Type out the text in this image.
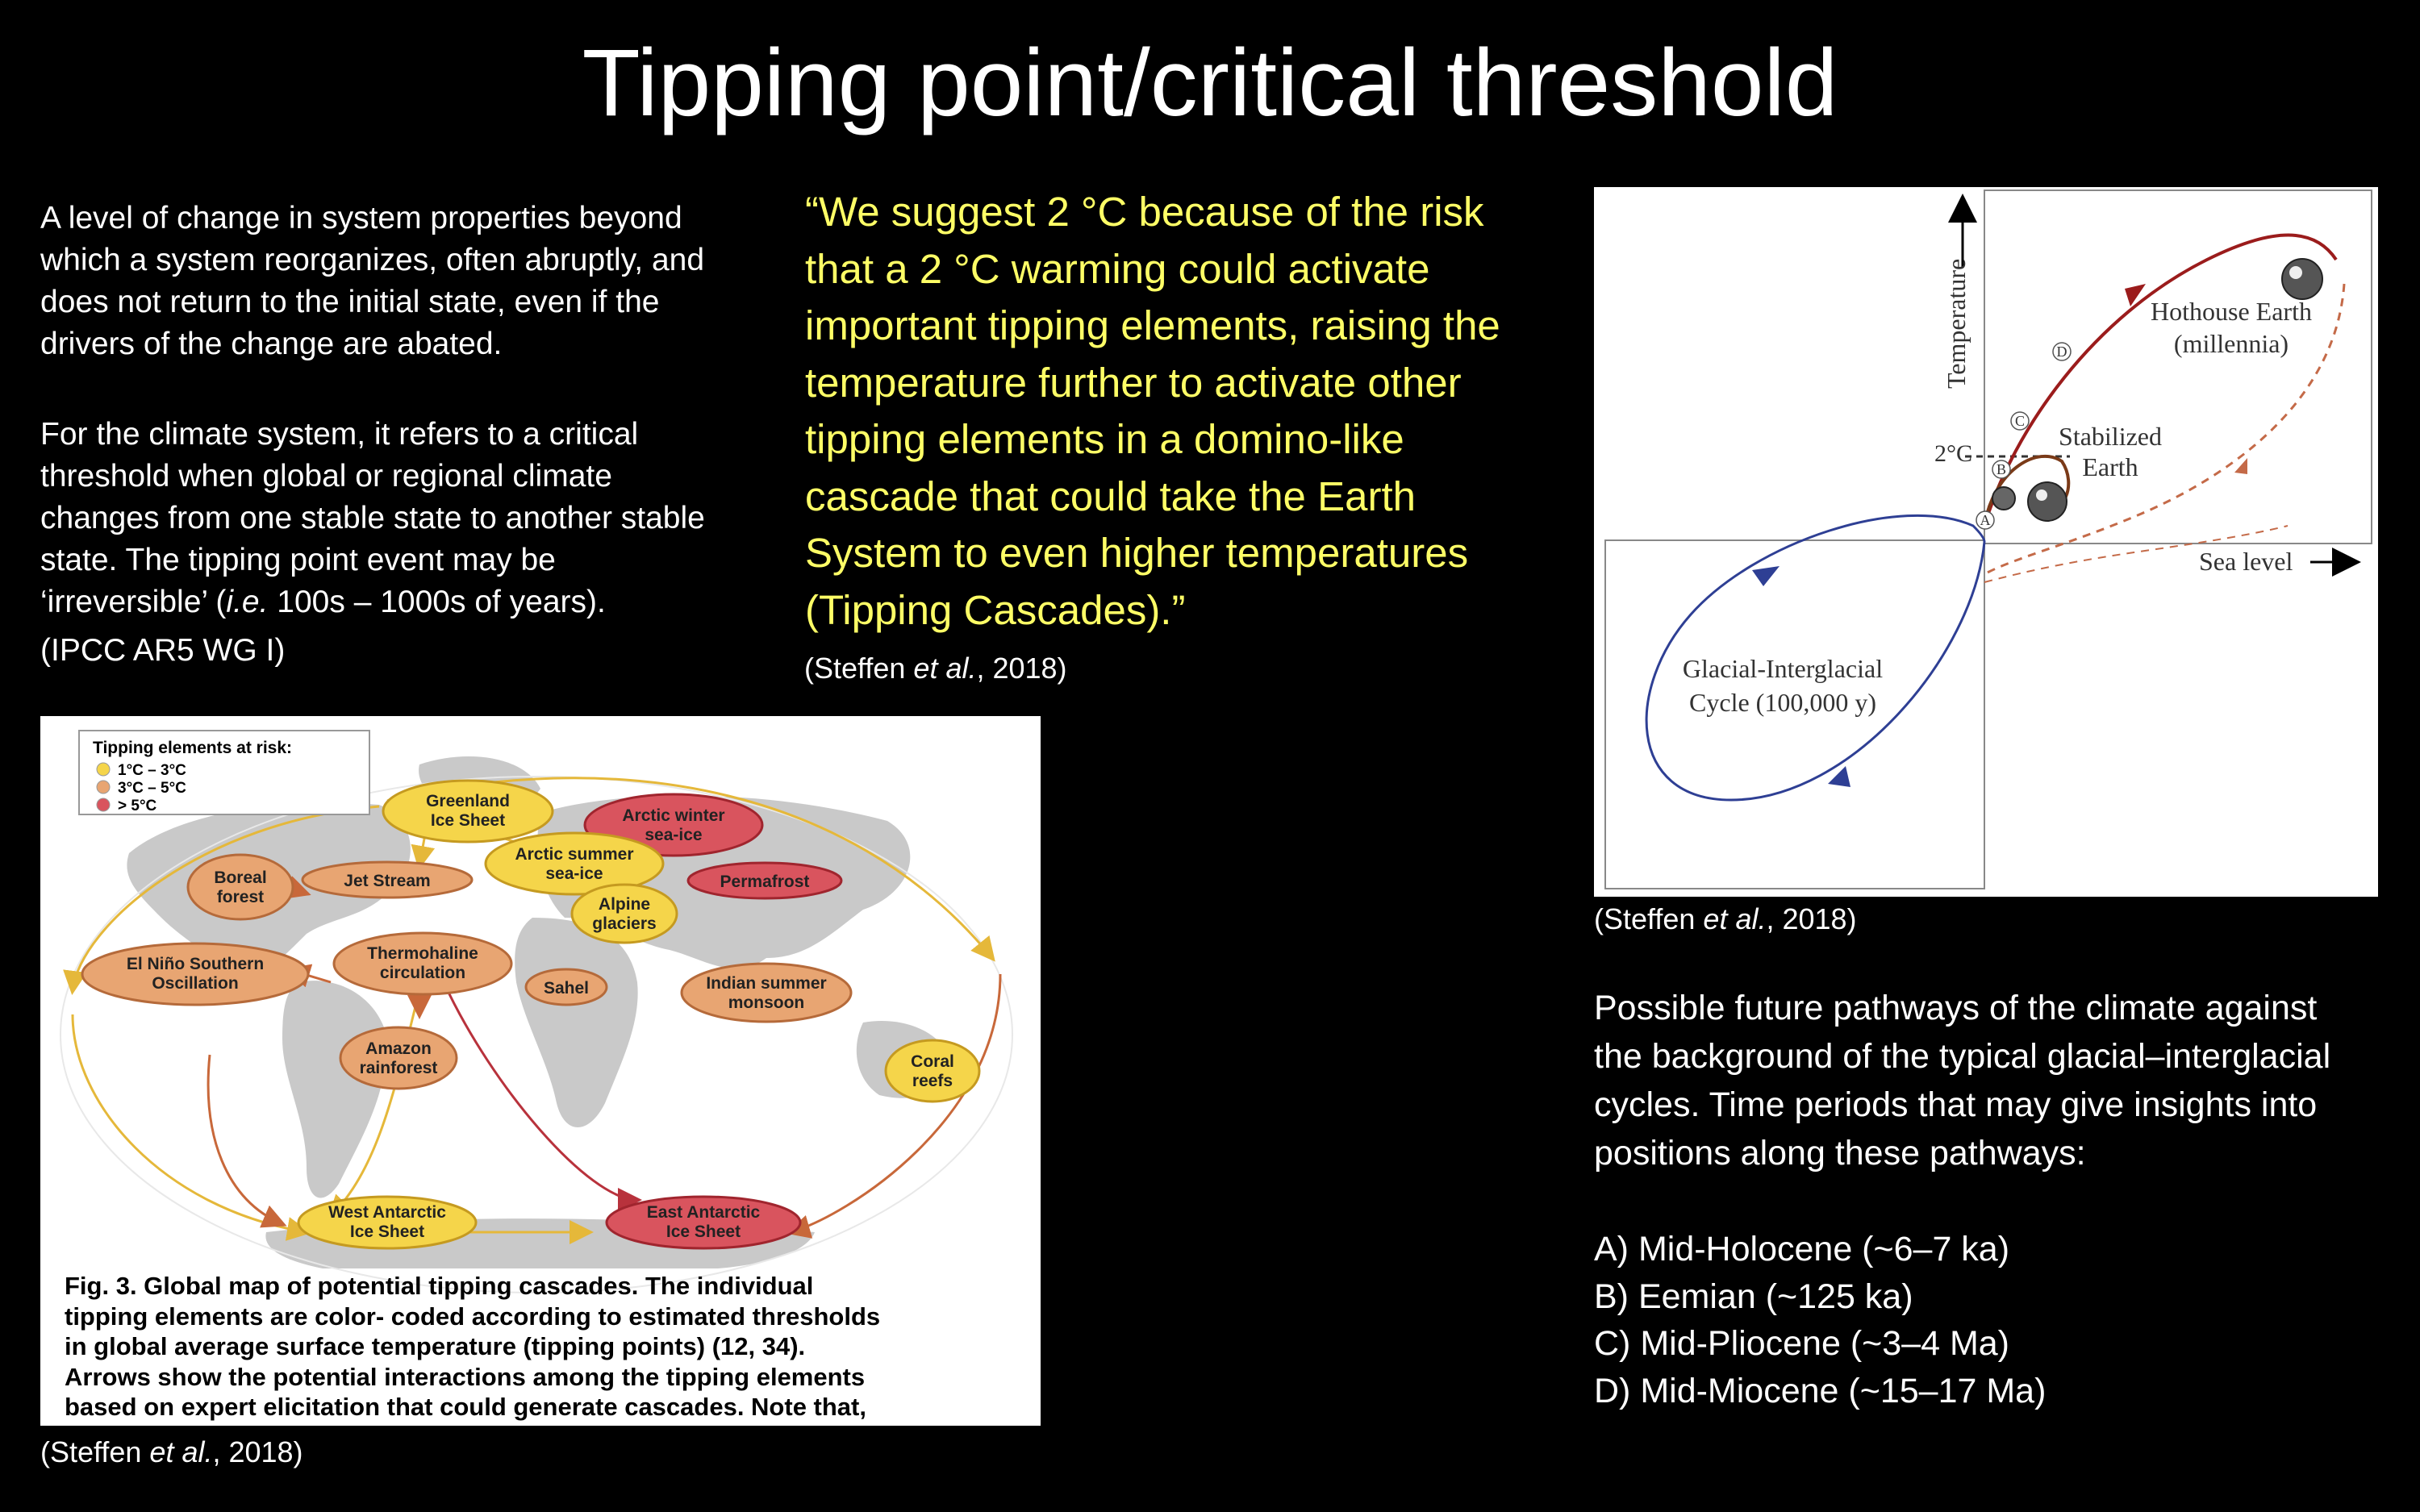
Tipping point/critical threshold

A level of change in system properties beyond which a system reorganizes, often abruptly, and does not return to the initial state, even if the drivers of the change are abated.

For the climate system, it refers to a critical threshold when global or regional climate changes from one stable state to another stable state. The tipping point event may be ‘irreversible’ (i.e. 100s – 1000s of years).

(IPCC AR5 WG I)

“We suggest 2 °C because of the risk that a 2 °C warming could activate important tipping elements, raising the temperature further to activate other tipping elements in a domino-like cascade that could take the Earth System to even higher temperatures (Tipping Cascades).”
(Steffen et al., 2018)
Tipping elements at risk:
1°C – 3°C
3°C – 5°C
> 5°C	Greenland
Ice Sheet	Arctic winter
sea-ice
Arctic summer
sea-ice
Boreal
forest
Jet Stream	Permafrost
Alpine
glaciers
El Niño Southern
Oscillation
Thermohaline
circulation
Sahel	Indian summer
monsoon
Amazon
rainforest	Coral
reefs
West Antarctic
Ice Sheet
East Antarctic
Ice Sheet
Fig. 3. Global map of potential tipping cascades. The individual
tipping elements are color- coded according to estimated thresholds
in global average surface temperature (tipping points) (12, 34).
Arrows show the potential interactions among the tipping elements
based on expert elicitation that could generate cascades. Note that,
(Steffen et al., 2018)
Temperature
Sea level
2°C
Glacial-Interglacial
Cycle (100,000 y)
Hothouse Earth
(millennia)
Stabilized
Earth
A
B
C
D
(Steffen et al., 2018)
Possible future pathways of the climate against the background of the typical glacial–interglacial cycles. Time periods that may give insights into positions along these pathways:
A) Mid-Holocene (~6–7 ka)
B) Eemian (~125 ka)
C) Mid-Pliocene (~3–4 Ma)
D) Mid-Miocene (~15–17 Ma)
